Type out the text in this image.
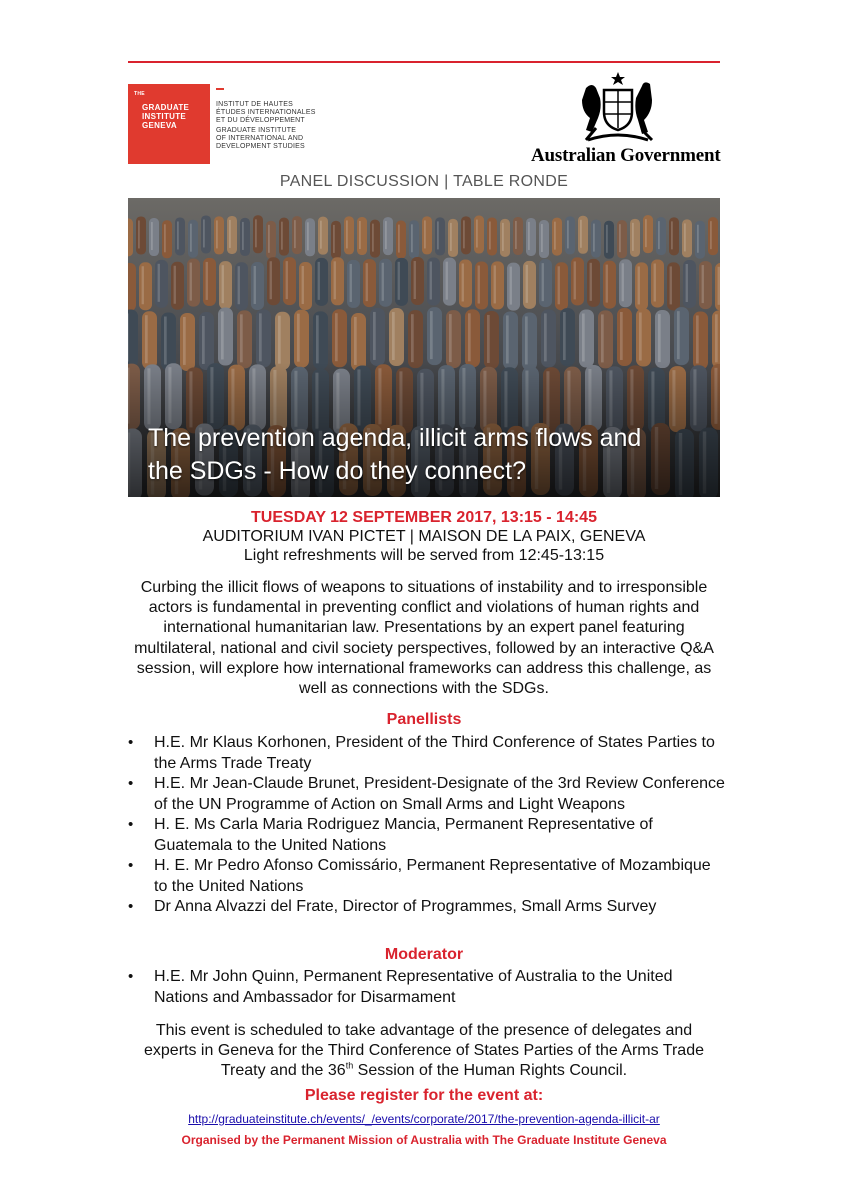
THE
GRADUATE
INSTITUTE
GENEVA
INSTITUT DE HAUTES
ÉTUDES INTERNATIONALES
ET DU DÉVELOPPEMENT
GRADUATE INSTITUTE
OF INTERNATIONAL AND
DEVELOPMENT STUDIES	Australian Government
PANEL DISCUSSION | TABLE RONDE
The prevention agenda, illicit arms flows and
the SDGs - How do they connect?
TUESDAY 12 SEPTEMBER 2017, 13:15 - 14:45
AUDITORIUM IVAN PICTET | MAISON DE LA PAIX, GENEVA
Light refreshments will be served from 12:45-13:15
Curbing the illicit flows of weapons to situations of instability and to irresponsible actors is fundamental in preventing conflict and violations of human rights and international humanitarian law. Presentations by an expert panel featuring multilateral, national and civil society perspectives, followed by an interactive Q&A session, will explore how international frameworks can address this challenge, as well as connections with the SDGs.
Panellists
• H.E. Mr Klaus Korhonen, President of the Third Conference of States Parties to the Arms Trade Treaty
• H.E. Mr Jean-Claude Brunet, President-Designate of the 3rd Review Conference of the UN Programme of Action on Small Arms and Light Weapons
• H. E. Ms Carla Maria Rodriguez Mancia, Permanent Representative of Guatemala to the United Nations
• H. E. Mr Pedro Afonso Comissário, Permanent Representative of Mozambique to the United Nations
• Dr Anna Alvazzi del Frate, Director of Programmes, Small Arms Survey
Moderator
• H.E. Mr John Quinn, Permanent Representative of Australia to the United Nations and Ambassador for Disarmament
This event is scheduled to take advantage of the presence of delegates and experts in Geneva for the Third Conference of States Parties of the Arms Trade Treaty and the 36th Session of the Human Rights Council.
Please register for the event at:
http://graduateinstitute.ch/events/_/events/corporate/2017/the-prevention-agenda-illicit-ar
Organised by the Permanent Mission of Australia with The Graduate Institute Geneva
